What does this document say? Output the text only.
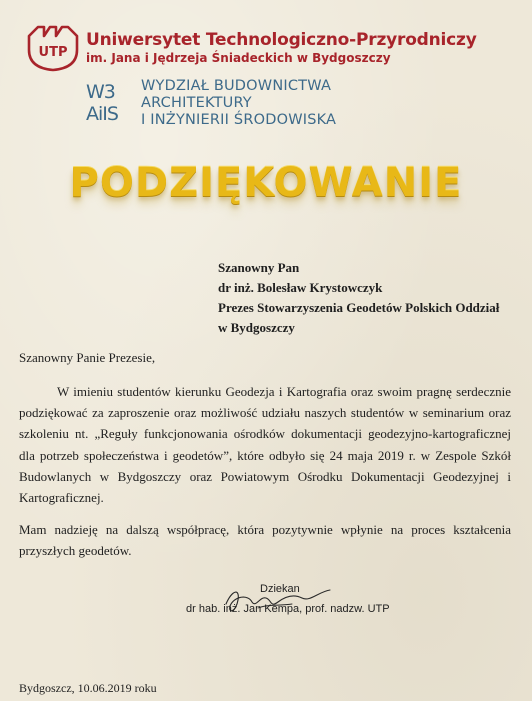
UTP
Uniwersytet Technologiczno-Przyrodniczy

im. Jana i Jędrzeja Śniadeckich w Bydgoszczy

W3
AiIS
WYDZIAŁ BUDOWNICTWA
ARCHITEKTURY
I INŻYNIERII ŚRODOWISKA
PODZIĘKOWANIE
Szanowny Pan
dr inż. Bolesław Krystowczyk
Prezes Stowarzyszenia Geodetów Polskich Oddział w Bydgoszczy

Szanowny Panie Prezesie,

W imieniu studentów kierunku Geodezja i Kartografia oraz swoim pragnę serdecznie podziękować za zaproszenie oraz możliwość udziału naszych studentów w seminarium oraz szkoleniu nt. „Reguły funkcjonowania ośrodków dokumentacji geodezyjno-kartograficznej dla potrzeb społeczeństwa i geodetów”, które odbyło się 24 maja 2019 r. w Zespole Szkół Budowlanych w Bydgoszczy oraz Powiatowym Ośrodku Dokumentacji Geodezyjnej i Kartograficznej.

Mam nadzieję na dalszą współpracę, która pozytywnie wpłynie na proces kształcenia przyszłych geodetów.

Dziekan

dr hab. inż. Jan Kempa, prof. nadzw. UTP

Bydgoszcz, 10.06.2019 roku
